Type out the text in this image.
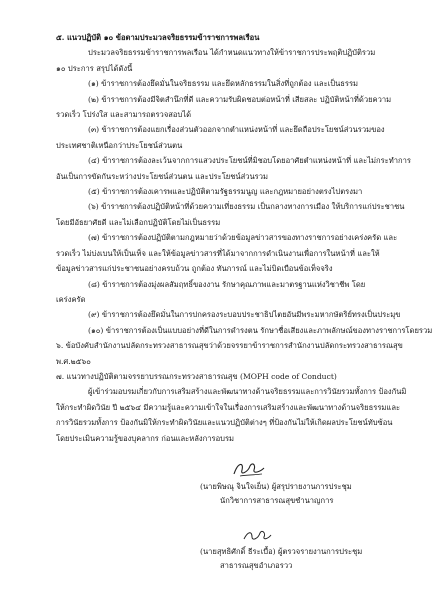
๕. แนวปฏิบัติ ๑๐ ข้อตามประมวลจริยธรรมข้าราชการพลเรือน

ประมวลจริยธรรมข้าราชการพลเรือน ได้กำหนดแนวทางให้ข้าราชการประพฤติปฏิบัติรวม

๑๐ ประการ สรุปได้ดังนี้

(๑) ข้าราชการต้องยึดมั่นในจริยธรรม และยึดหลักธรรมในสิ่งที่ถูกต้อง และเป็นธรรม

(๒) ข้าราชการต้องมีจิตสำนึกที่ดี และความรับผิดชอบต่อหน้าที่ เสียสละ ปฏิบัติหน้าที่ด้วยความ

รวดเร็ว โปร่งใส และสามารถตรวจสอบได้

(๓) ข้าราชการต้องแยกเรื่องส่วนตัวออกจากตำแหน่งหน้าที่ และยึดถือประโยชน์ส่วนรวมของ

ประเทศชาติเหนือกว่าประโยชน์ส่วนตน

(๔) ข้าราชการต้องละเว้นจากการแสวงประโยชน์ที่มิชอบโดยอาศัยตำแหน่งหน้าที่ และไม่กระทำการ

อันเป็นการขัดกันระหว่างประโยชน์ส่วนตน และประโยชน์ส่วนรวม

(๕) ข้าราชการต้องเคารพและปฏิบัติตามรัฐธรรมนูญ และกฎหมายอย่างตรงไปตรงมา

(๖) ข้าราชการต้องปฏิบัติหน้าที่ด้วยความเที่ยงธรรม เป็นกลางทางการเมือง ให้บริการแก่ประชาชน

โดยมีอัธยาศัยดี และไม่เลือกปฏิบัติโดยไม่เป็นธรรม

(๗) ข้าราชการต้องปฏิบัติตามกฎหมายว่าด้วยข้อมูลข่าวสารของทางราชการอย่างเคร่งครัด และ

รวดเร็ว ไม่บ่งเบนให้เป็นเท็จ และให้ข้อมูลข่าวสารที่ได้มาจากการดำเนินงานเพื่อการในหน้าที่ และให้

ข้อมูลข่าวสารแก่ประชาชนอย่างครบถ้วน ถูกต้อง ทันการณ์ และไม่บิดเบือนข้อเท็จจริง

(๘) ข้าราชการต้องมุ่งผลสัมฤทธิ์ของงาน รักษาคุณภาพและมาตรฐานแห่งวิชาชีพ โดย

เคร่งครัด

(๙) ข้าราชการต้องยึดมั่นในการปกครองระบอบประชาธิปไตยอันมีพระมหากษัตริย์ทรงเป็นประมุข

(๑๐) ข้าราชการต้องเป็นแบบอย่างที่ดีในการดำรงตน รักษาชื่อเสียงและภาพลักษณ์ของทางราชการโดยรวม

๖. ข้อบังคับสำนักงานปลัดกระทรวงสาธารณสุขว่าด้วยจรรยาข้าราชการสำนักงานปลัดกระทรวงสาธารณสุข

พ.ศ.๒๕๖๐

๗. แนวทางปฏิบัติตามจรรยาบรรณกระทรวงสาธารณสุข (MOPH code of Conduct)

ผู้เข้าร่วมอบรมเกี่ยวกับการเสริมสร้างและพัฒนาทางด้านจริยธรรมและการวินัยรวมทั้งการ ป้องกันมิ

ให้กระทำผิดวินัย ปี ๒๕๖๔ มีความรู้และความเข้าใจในเรื่องการเสริมสร้างและพัฒนาทางด้านจริยธรรมและ

การวินัยรวมทั้งการ ป้องกันมิให้กระทำผิดวินัยและแนวปฏิบัติต่างๆ ที่ป้องกันไม่ให้เกิดผลประโยชน์ทับซ้อน

โดยประเมินความรู้ของบุคลากร ก่อนและหลังการอบรม

(นายพิษณุ จินใจเย็น) ผู้สรุปรายงานการประชุม

นักวิชาการสาธารณสุขชำนาญการ

(นายสุทธิศักดิ์ ธีระเบื้อ) ผู้ตรวจรายงานการประชุม

สาธารณสุขอำเภอรวว
